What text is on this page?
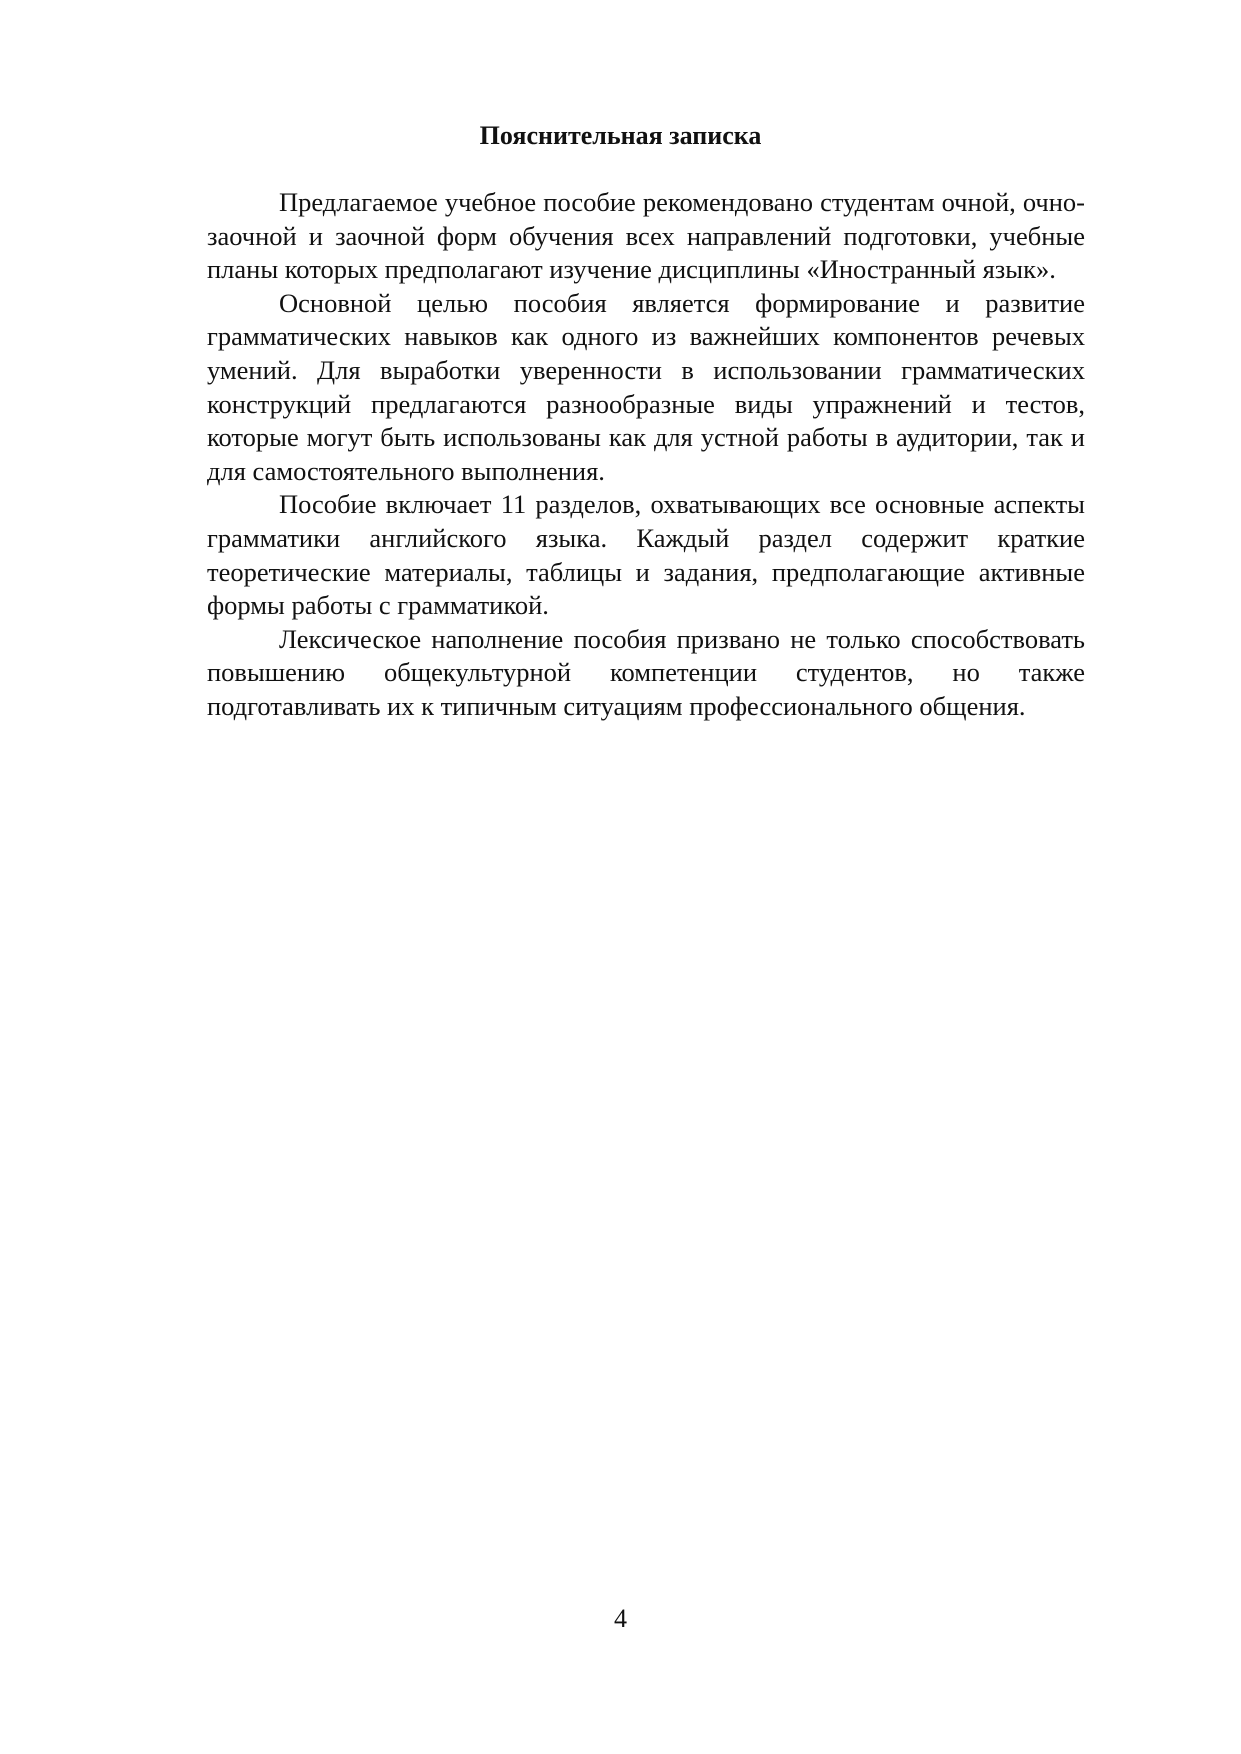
Пояснительная записка

Предлагаемое учебное пособие рекомендовано студентам очной, очно-заочной и заочной форм обучения всех направлений подготовки, учебные планы которых предполагают изучение дисциплины «Иностранный язык».

Основной целью пособия является формирование и развитие грамматических навыков как одного из важнейших компонентов речевых умений. Для выработки уверенности в использовании грамматических конструкций предлагаются разнообразные виды упражнений и тестов, которые могут быть использованы как для устной работы в аудитории, так и для самостоятельного выполнения.

Пособие включает 11 разделов, охватывающих все основные аспекты грамматики английского языка. Каждый раздел содержит краткие теоретические материалы, таблицы и задания, предполагающие активные формы работы с грамматикой.

Лексическое наполнение пособия призвано не только способствовать повышению общекультурной компетенции студентов, но также подготавливать их к типичным ситуациям профессионального общения.

4
